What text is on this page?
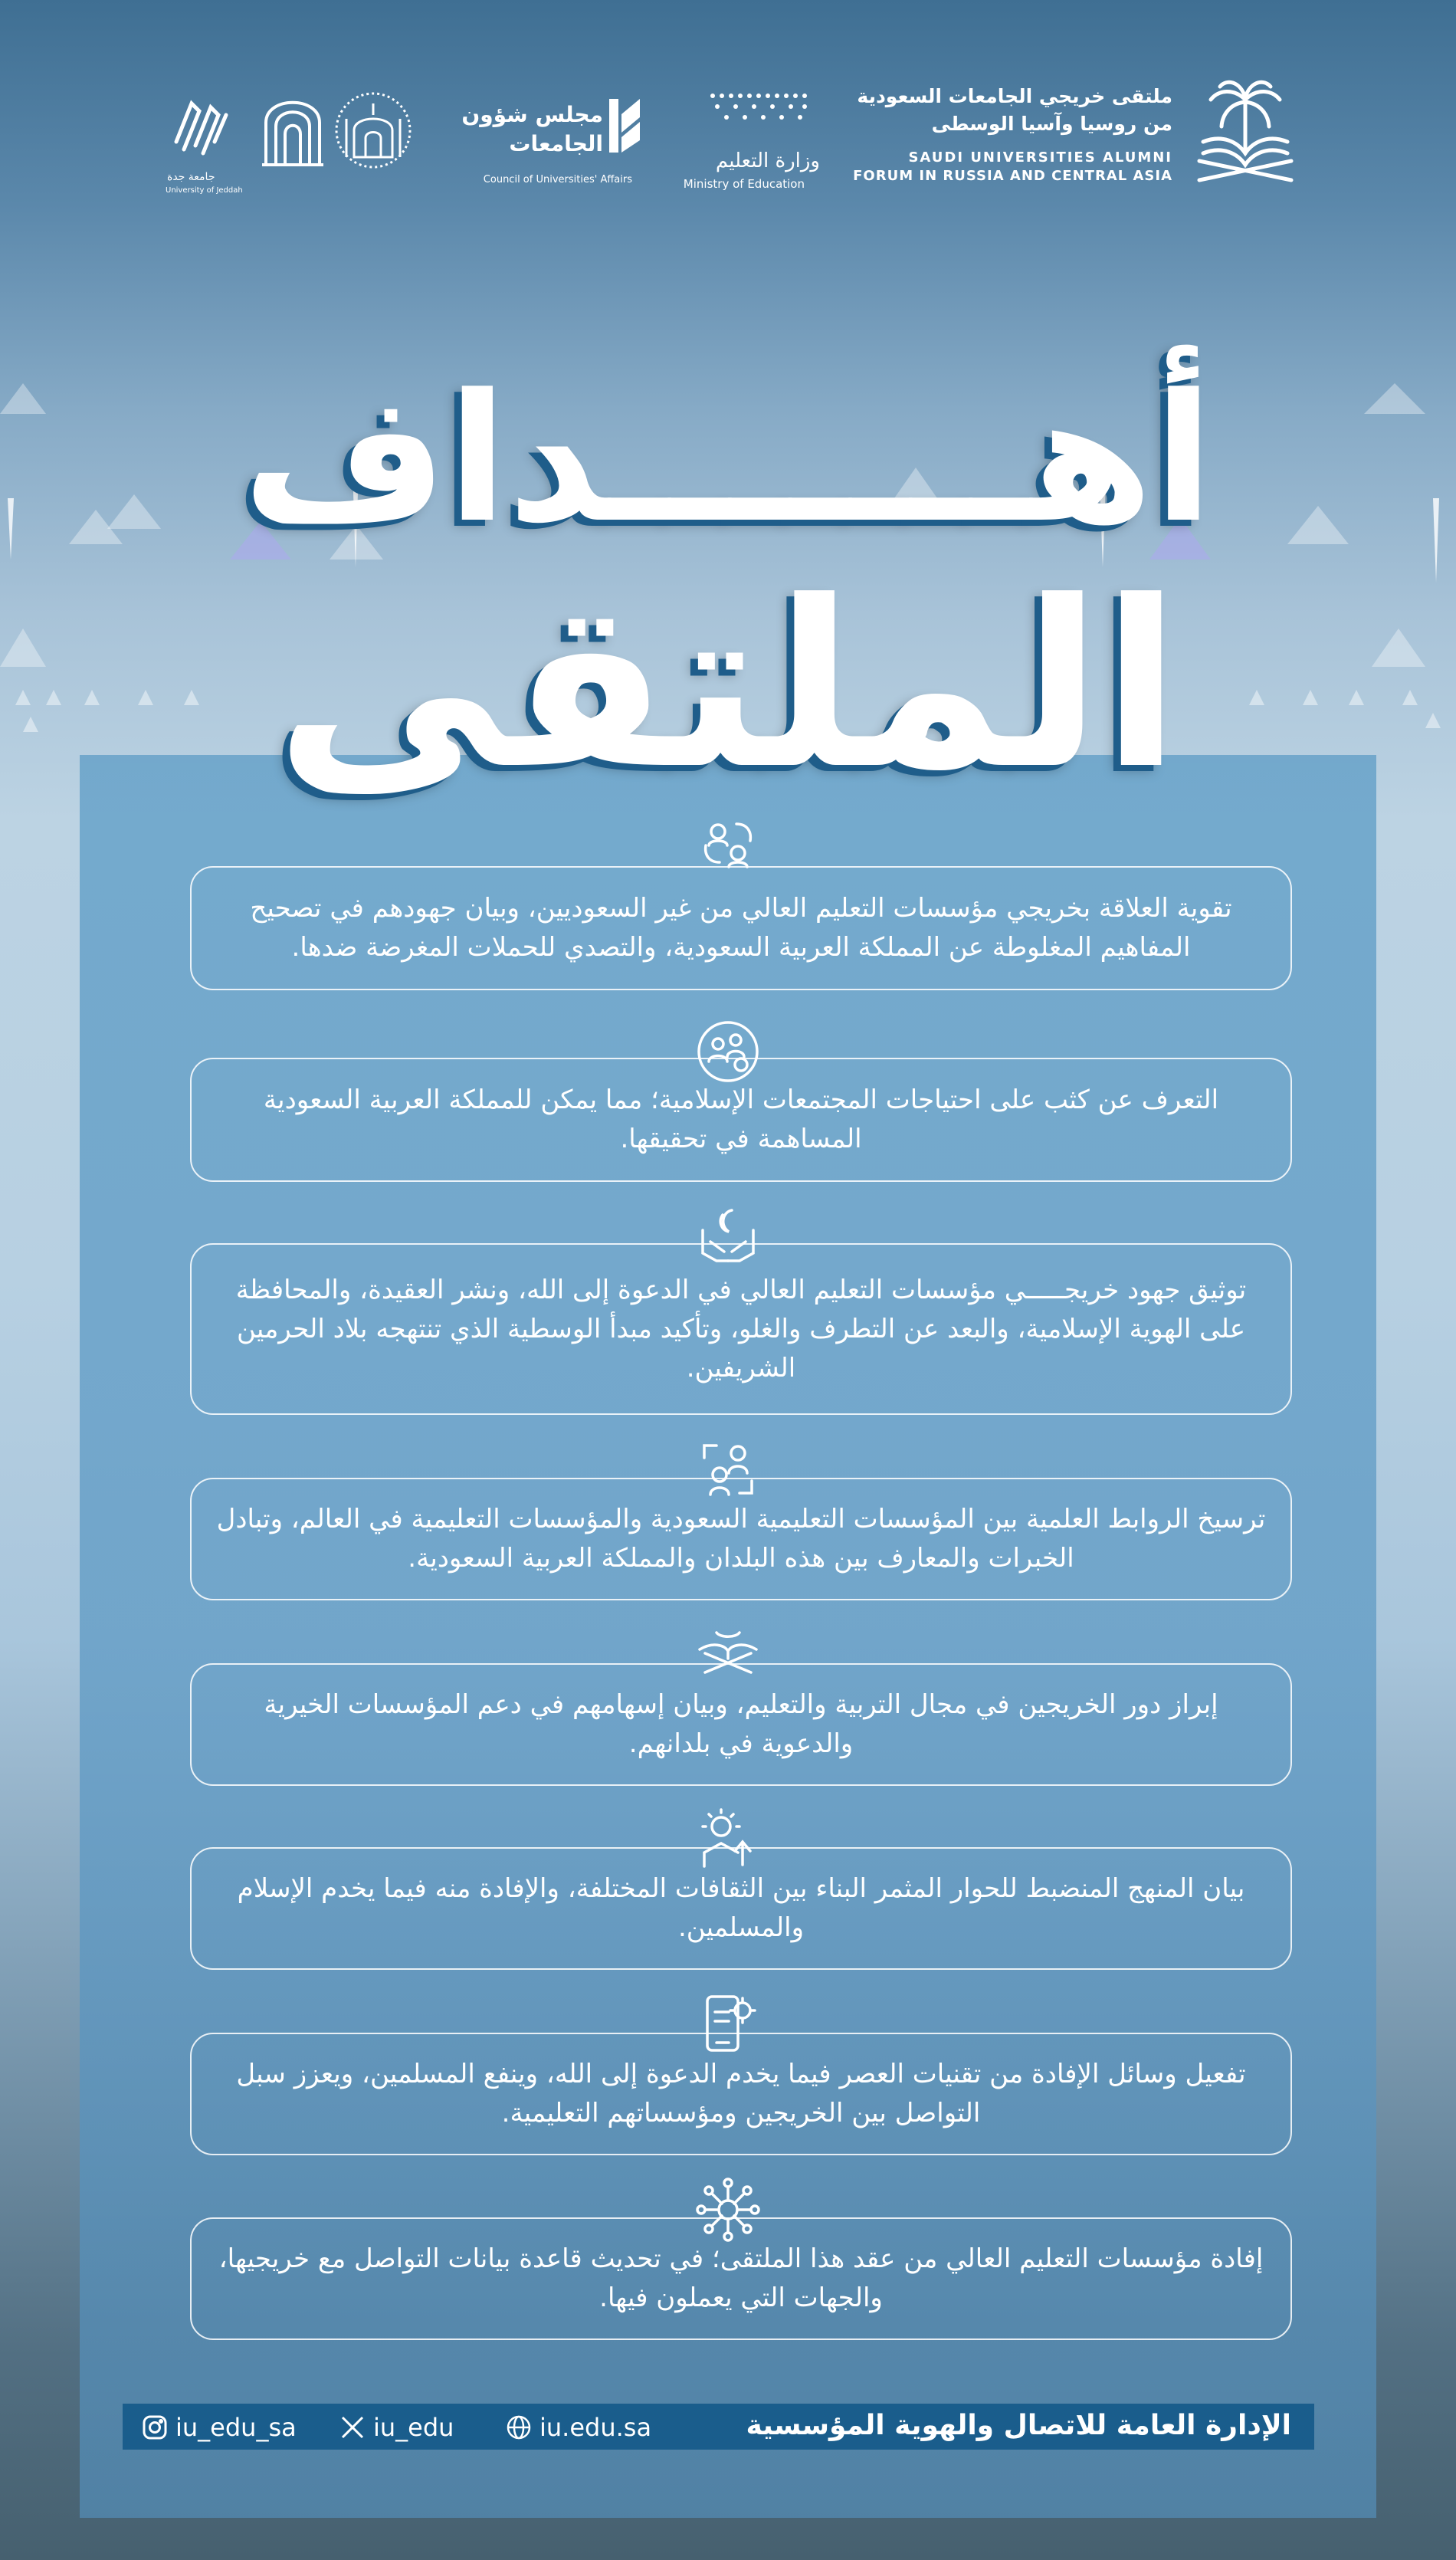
ملتقى خريجي الجامعات السعودية
من روسيا وآسيا الوسطى
SAUDI UNIVERSITIES ALUMNI
FORUM IN RUSSIA AND CENTRAL ASIA
وزارة التعليم
Ministry of Education
مجلس شؤون
الجامعات
Council of Universities' Affairs
جامعة جدة
University of Jeddah
أهـــــــداف
الملتقى
تقوية العلاقة بخريجي مؤسسات التعليم العالي من غير السعوديين، وبيان جهودهم في تصحيح المفاهيم المغلوطة عن المملكة العربية السعودية، والتصدي للحملات المغرضة ضدها.
التعرف عن كثب على احتياجات المجتمعات الإسلامية؛ مما يمكن للمملكة العربية السعودية المساهمة في تحقيقها.
توثيق جهود خريجـــــي مؤسسات التعليم العالي في الدعوة إلى الله، ونشر العقيدة، والمحافظة على الهوية الإسلامية، والبعد عن التطرف والغلو، وتأكيد مبدأ الوسطية الذي تنتهجه بلاد الحرمين الشريفين.
ترسيخ الروابط العلمية بين المؤسسات التعليمية السعودية والمؤسسات التعليمية في العالم، وتبادل الخبرات والمعارف بين هذه البلدان والمملكة العربية السعودية.
إبراز دور الخريجين في مجال التربية والتعليم، وبيان إسهامهم في دعم المؤسسات الخيرية والدعوية في بلدانهم.
بيان المنهج المنضبط للحوار المثمر البناء بين الثقافات المختلفة، والإفادة منه فيما يخدم الإسلام والمسلمين.
تفعيل وسائل الإفادة من تقنيات العصر فيما يخدم الدعوة إلى الله، وينفع المسلمين، ويعزز سبل التواصل بين الخريجين ومؤسساتهم التعليمية.
إفادة مؤسسات التعليم العالي من عقد هذا الملتقى؛ في تحديث قاعدة بيانات التواصل مع خريجيها، والجهات التي يعملون فيها.
iu_edu_sa	iu_edu	iu.edu.sa	الإدارة العامة للاتصال والهوية المؤسسية
